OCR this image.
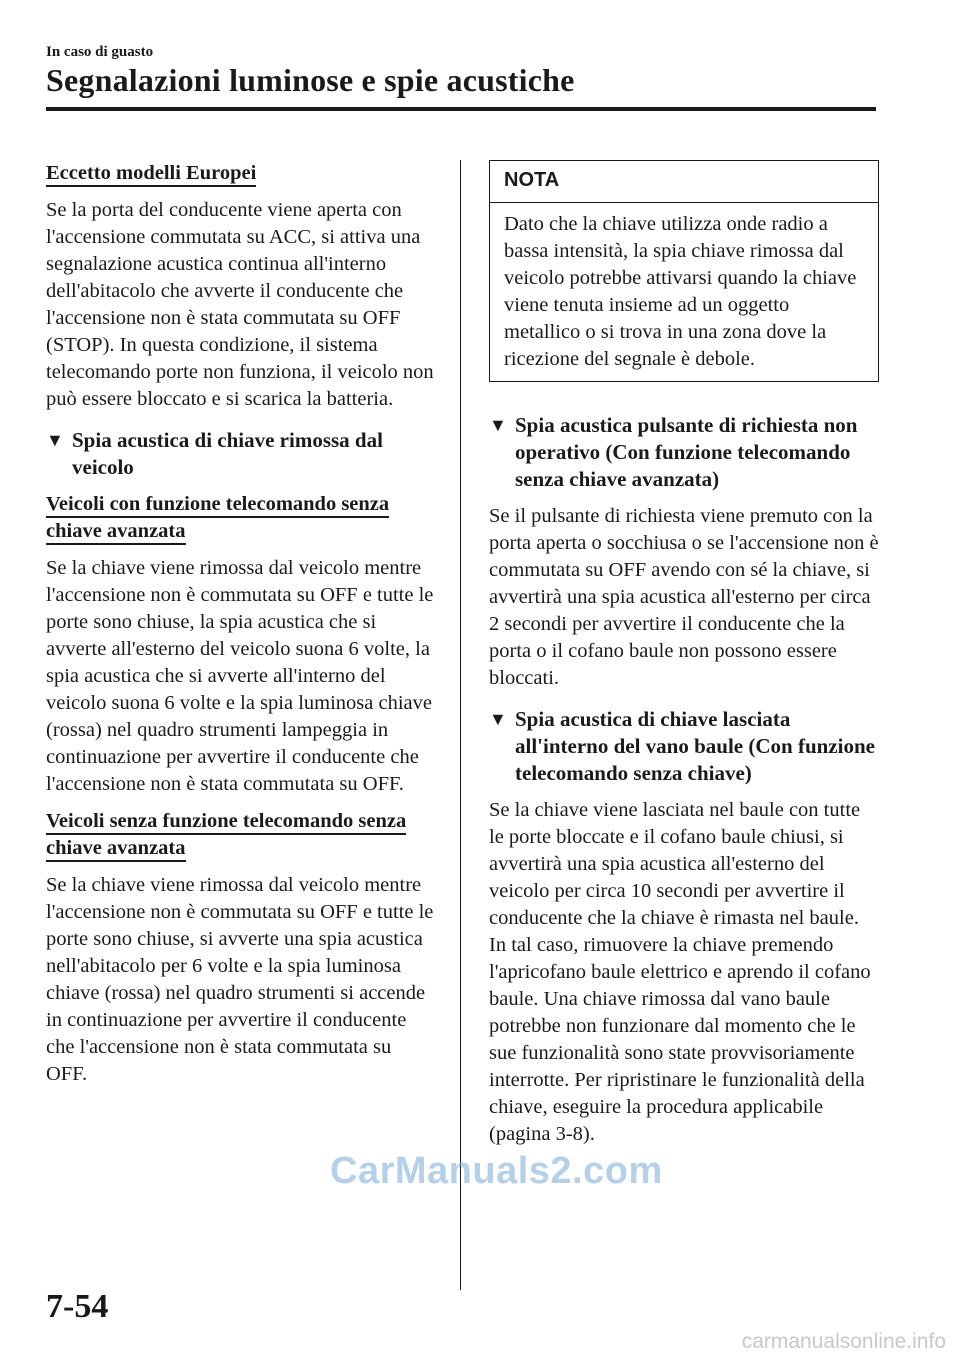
In caso di guasto
Segnalazioni luminose e spie acustiche
Eccetto modelli Europei

Se la porta del conducente viene aperta con l'accensione commutata su ACC, si attiva una segnalazione acustica continua all'interno dell'abitacolo che avverte il conducente che l'accensione non è stata commutata su OFF (STOP). In questa condizione, il sistema telecomando porte non funziona, il veicolo non può essere bloccato e si scarica la batteria.

▼ Spia acustica di chiave rimossa dal veicolo
Veicoli con funzione telecomando senza chiave avanzata

Se la chiave viene rimossa dal veicolo mentre l'accensione non è commutata su OFF e tutte le porte sono chiuse, la spia acustica che si avverte all'esterno del veicolo suona 6 volte, la spia acustica che si avverte all'interno del veicolo suona 6 volte e la spia luminosa chiave (rossa) nel quadro strumenti lampeggia in continuazione per avvertire il conducente che l'accensione non è stata commutata su OFF.

Veicoli senza funzione telecomando senza chiave avanzata

Se la chiave viene rimossa dal veicolo mentre l'accensione non è commutata su OFF e tutte le porte sono chiuse, si avverte una spia acustica nell'abitacolo per 6 volte e la spia luminosa chiave (rossa) nel quadro strumenti si accende in continuazione per avvertire il conducente che l'accensione non è stata commutata su OFF.

NOTA
Dato che la chiave utilizza onde radio a bassa intensità, la spia chiave rimossa dal veicolo potrebbe attivarsi quando la chiave viene tenuta insieme ad un oggetto metallico o si trova in una zona dove la ricezione del segnale è debole.
▼ Spia acustica pulsante di richiesta non operativo (Con funzione telecomando senza chiave avanzata)

Se il pulsante di richiesta viene premuto con la porta aperta o socchiusa o se l'accensione non è commutata su OFF avendo con sé la chiave, si avvertirà una spia acustica all'esterno per circa 2 secondi per avvertire il conducente che la porta o il cofano baule non possono essere bloccati.

▼ Spia acustica di chiave lasciata all'interno del vano baule (Con funzione telecomando senza chiave)

Se la chiave viene lasciata nel baule con tutte le porte bloccate e il cofano baule chiusi, si avvertirà una spia acustica all'esterno del veicolo per circa 10 secondi per avvertire il conducente che la chiave è rimasta nel baule. In tal caso, rimuovere la chiave premendo l'apricofano baule elettrico e aprendo il cofano baule. Una chiave rimossa dal vano baule potrebbe non funzionare dal momento che le sue funzionalità sono state provvisoriamente interrotte. Per ripristinare le funzionalità della chiave, eseguire la procedura applicabile (pagina 3-8).

CarManuals2.com
7-54
carmanualsonline.info
